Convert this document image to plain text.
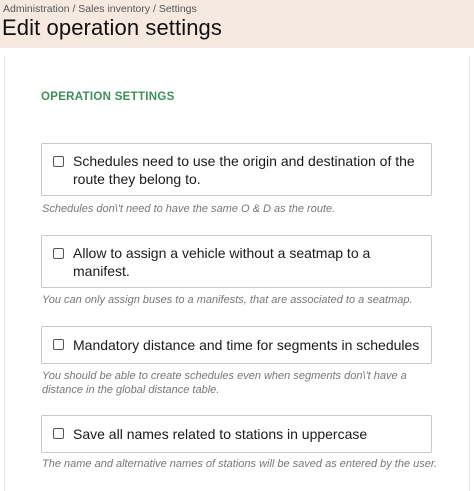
Administration / Sales inventory / Settings
Edit operation settings
OPERATION SETTINGS
Schedules need to use the origin and destination of the route they belong to.
Schedules don\'t need to have the same O & D as the route.
Allow to assign a vehicle without a seatmap to a manifest.
You can only assign buses to a manifests, that are associated to a seatmap.
Mandatory distance and time for segments in schedules
You should be able to create schedules even when segments don\'t have a distance in the global distance table.
Save all names related to stations in uppercase
The name and alternative names of stations will be saved as entered by the user.
